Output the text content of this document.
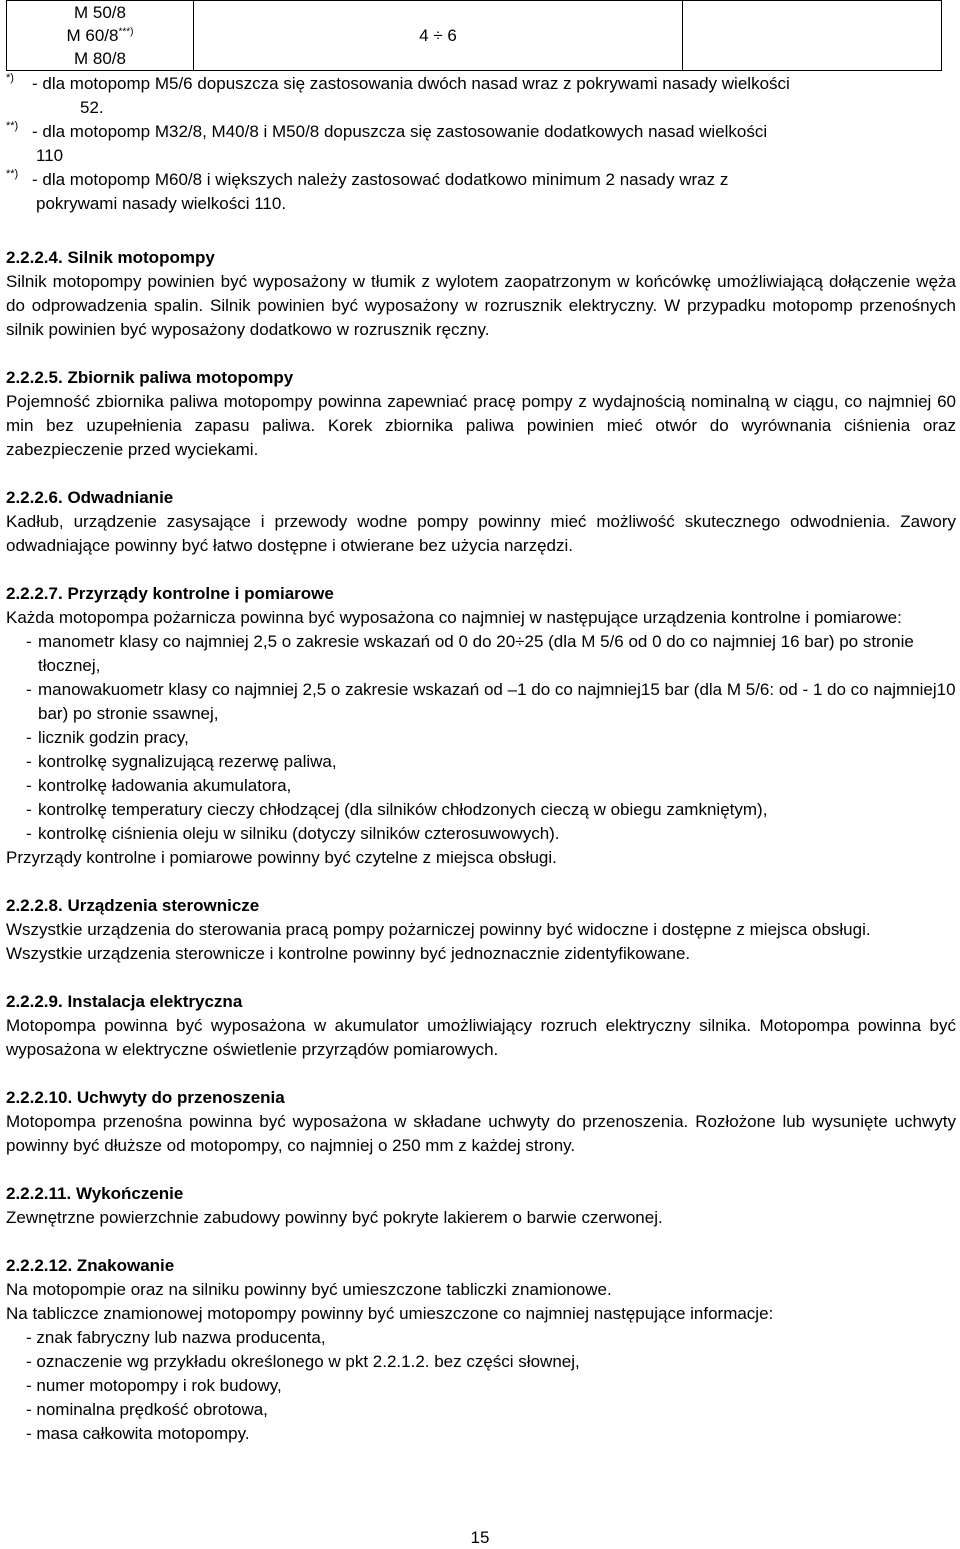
M 50/8
M 60/8***)
M 80/8
	4 ÷ 6	
*) - dla motopomp M5/6 dopuszcza się zastosowania dwóch nasad wraz z pokrywami nasady wielkości
52.
**) - dla motopomp M32/8, M40/8 i M50/8 dopuszcza się zastosowanie dodatkowych nasad wielkości
110
**) - dla motopomp M60/8 i większych należy zastosować dodatkowo minimum 2 nasady wraz z
pokrywami nasady wielkości 110.
2.2.2.4. Silnik motopompy

Silnik motopompy powinien być wyposażony w tłumik z wylotem zaopatrzonym w końcówkę umożliwiającą dołączenie węża do odprowadzenia spalin. Silnik powinien być wyposażony w rozrusznik elektryczny. W przypadku motopomp przenośnych silnik powinien być wyposażony dodatkowo w rozrusznik ręczny.

2.2.2.5. Zbiornik paliwa motopompy

Pojemność zbiornika paliwa motopompy powinna zapewniać pracę pompy z wydajnością nominalną w ciągu, co najmniej 60 min bez uzupełnienia zapasu paliwa. Korek zbiornika paliwa powinien mieć otwór do wyrównania ciśnienia oraz zabezpieczenie przed wyciekami.

2.2.2.6. Odwadnianie

Kadłub, urządzenie zasysające i przewody wodne pompy powinny mieć możliwość skutecznego odwodnienia. Zawory odwadniające powinny być łatwo dostępne i otwierane bez użycia narzędzi.

2.2.2.7. Przyrządy kontrolne i pomiarowe

Każda motopompa pożarnicza powinna być wyposażona co najmniej w następujące urządzenia kontrolne i pomiarowe:

- manometr klasy co najmniej 2,5 o zakresie wskazań od 0 do 20÷25 (dla M 5/6 od 0 do co najmniej 16 bar) po stronie tłocznej,
- manowakuometr klasy co najmniej 2,5 o zakresie wskazań od –1 do co najmniej15 bar (dla M 5/6: od - 1 do co najmniej10 bar) po stronie ssawnej,
- licznik godzin pracy,
- kontrolkę sygnalizującą rezerwę paliwa,
- kontrolkę ładowania akumulatora,
- kontrolkę temperatury cieczy chłodzącej (dla silników chłodzonych cieczą w obiegu zamkniętym),
- kontrolkę ciśnienia oleju w silniku (dotyczy silników czterosuwowych).

Przyrządy kontrolne i pomiarowe powinny być czytelne z miejsca obsługi.

2.2.2.8. Urządzenia sterownicze

Wszystkie urządzenia do sterowania pracą pompy pożarniczej powinny być widoczne i dostępne z miejsca obsługi.

Wszystkie urządzenia sterownicze i kontrolne powinny być jednoznacznie zidentyfikowane.

2.2.2.9. Instalacja elektryczna

Motopompa powinna być wyposażona w akumulator umożliwiający rozruch elektryczny silnika. Motopompa powinna być wyposażona w elektryczne oświetlenie przyrządów pomiarowych.

2.2.2.10. Uchwyty do przenoszenia

Motopompa przenośna powinna być wyposażona w składane uchwyty do przenoszenia. Rozłożone lub wysunięte uchwyty powinny być dłuższe od motopompy, co najmniej o 250 mm z każdej strony.

2.2.2.11. Wykończenie

Zewnętrzne powierzchnie zabudowy powinny być pokryte lakierem o barwie czerwonej.

2.2.2.12. Znakowanie

Na motopompie oraz na silniku powinny być umieszczone tabliczki znamionowe.

Na tabliczce znamionowej motopompy powinny być umieszczone co najmniej następujące informacje:

- znak fabryczny lub nazwa producenta,
- oznaczenie wg przykładu określonego w pkt 2.2.1.2. bez części słownej,
- numer motopompy i rok budowy,
- nominalna prędkość obrotowa,
- masa całkowita motopompy.
15
